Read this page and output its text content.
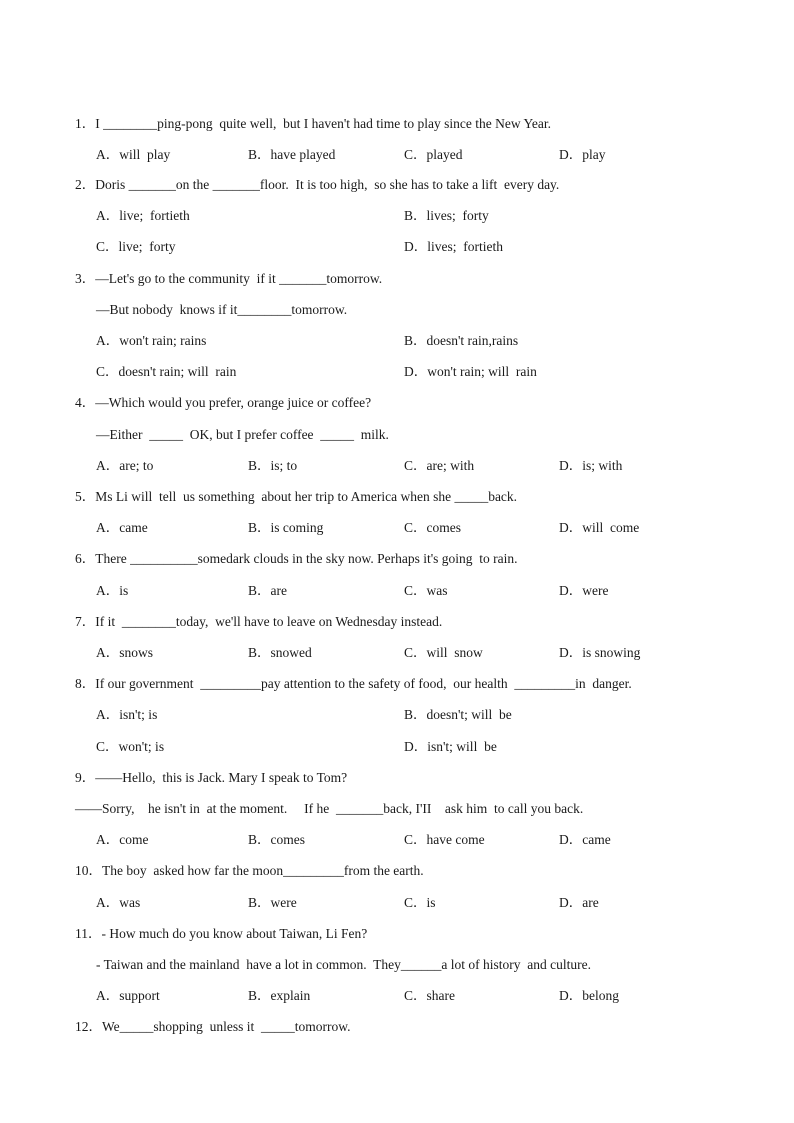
1．I ________ping-pong  quite well,  but I haven't had time to play since the New Year.
A．will  play	B．have played	C．played	D．play
2．Doris _______on the _______floor.  It is too high,  so she has to take a lift  every day.
A．live;  fortieth	B．lives;  forty
C．live;  forty	D．lives;  fortieth
3．—Let's go to the community  if it _______tomorrow.
—But nobody  knows if it________tomorrow.
A．won't rain; rains	B．doesn't rain,rains
C．doesn't rain; will  rain	D．won't rain; will  rain
4．—Which would you prefer, orange juice or coffee?
—Either  _____  OK, but I prefer coffee  _____  milk.
A．are; to	B．is; to	C．are; with	D．is; with
5．Ms Li will  tell  us something  about her trip to America when she _____back.
A．came	B．is coming	C．comes	D．will  come
6．There __________somedark clouds in the sky now. Perhaps it's going  to rain.
A．is	B．are	C．was	D．were
7．If it  ________today,  we'll have to leave on Wednesday instead.
A．snows	B．snowed	C．will  snow	D．is snowing
8．If our government  _________pay attention to the safety of food,  our health  _________in  danger.
A．isn't; is	B．doesn't; will  be
C．won't; is	D．isn't; will  be
9．——Hello,  this is Jack. Mary I speak to Tom?
——Sorry,    he isn't in  at the moment.     If he  _______back, I'II    ask him  to call you back.
A．come	B．comes	C．have come	D．came
10．The boy  asked how far the moon_________from the earth.
A．was	B．were	C．is	D．are
11．- How much do you know about Taiwan, Li Fen?
- Taiwan and the mainland  have a lot in common.  They______a lot of history  and culture.
A．support	B．explain	C．share	D．belong
12．We_____shopping  unless it  _____tomorrow.
